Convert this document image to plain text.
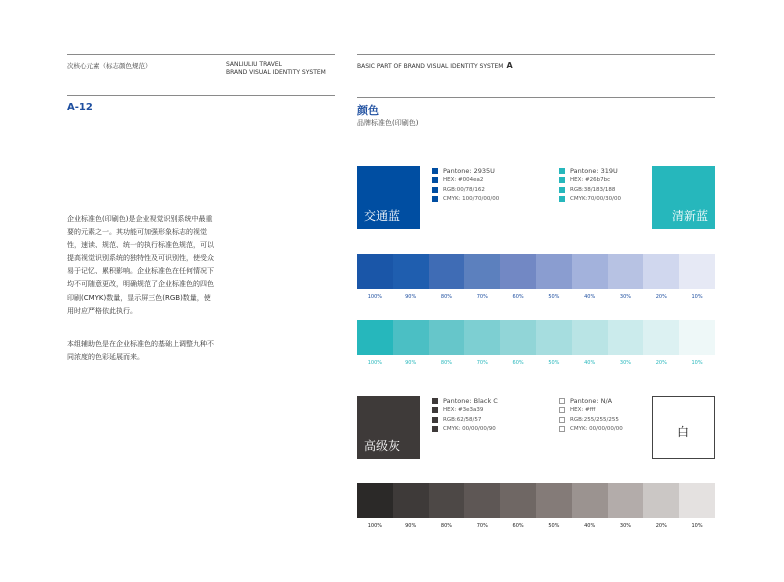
次核心元素（标志颜色规范）	SANLIULIU TRAVEL
BRAND VISUAL IDENTITY SYSTEM
BASIC PART OF BRAND VISUAL IDENTITY SYSTEM A
A-12	颜色
品牌标准色(印刷色)
企业标准色(印刷色)是企业视觉识别系统中最重要的元素之一。其功能可加强形象标志的视觉性，速读、规范、统一的执行标准色规范，可以提高视觉识别系统的独特性及可识别性，使受众易于记忆、累积影响。企业标准色在任何情况下均不可随意更改，明确规范了企业标准色的四色印刷(CMYK)数量，显示屏三色(RGB)数量，使用时应严格依此执行。
本组辅助色是在企业标准色的基础上调整九种不同浓度的色彩延展而来。
交通蓝
Pantone: 2935U
HEX: #004ea2
RGB:00/78/162
CMYK: 100/70/00/00
Pantone: 319U
HEX: #26b7bc
RGB:38/183/188
CMYK:70/00/30/00
清新蓝
100%	90%	80%	70%	60%	50%	40%	30%	20%	10%
100%	90%	80%	70%	60%	50%	40%	30%	20%	10%
高级灰
Pantone: Black C
HEX: #3e3a39
RGB:62/58/57
CMYK: 00/00/00/90
Pantone: N/A
HEX: #fff
RGB:255/255/255
CMYK: 00/00/00/00	白
100%	90%	80%	70%	60%	50%	40%	30%	20%	10%
